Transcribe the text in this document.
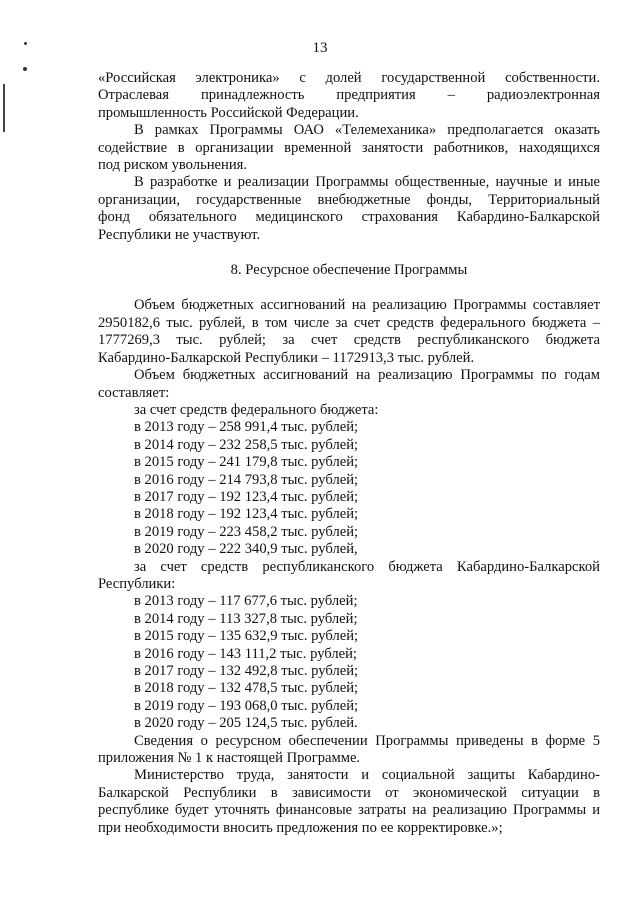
13

«Российская электроника» с долей государственной собственности.

Отраслевая принадлежность предприятия – радиоэлектронная

промышленность Российской Федерации.

В рамках Программы ОАО «Телемеханика» предполагается оказать

содействие в организации временной занятости работников, находящихся

под риском увольнения.

В разработке и реализации Программы общественные, научные и иные

организации, государственные внебюджетные фонды, Территориальный

фонд обязательного медицинского страхования Кабардино-Балкарской

Республики не участвуют.

8. Ресурсное обеспечение Программы

Объем бюджетных ассигнований на реализацию Программы составляет

2950182,6 тыс. рублей, в том числе за счет средств федерального бюджета –

1777269,3 тыс. рублей; за счет средств республиканского бюджета

Кабардино-Балкарской Республики – 1172913,3 тыс. рублей.

Объем бюджетных ассигнований на реализацию Программы по годам

составляет:

за счет средств федерального бюджета:

в 2013 году – 258 991,4 тыс. рублей;

в 2014 году – 232 258,5 тыс. рублей;

в 2015 году – 241 179,8 тыс. рублей;

в 2016 году – 214 793,8 тыс. рублей;

в 2017 году – 192 123,4 тыс. рублей;

в 2018 году – 192 123,4 тыс. рублей;

в 2019 году – 223 458,2 тыс. рублей;

в 2020 году – 222 340,9 тыс. рублей,

за счет средств республиканского бюджета Кабардино-Балкарской

Республики:

в 2013 году – 117 677,6 тыс. рублей;

в 2014 году – 113 327,8 тыс. рублей;

в 2015 году – 135 632,9 тыс. рублей;

в 2016 году – 143 111,2 тыс. рублей;

в 2017 году – 132 492,8 тыс. рублей;

в 2018 году – 132 478,5 тыс. рублей;

в 2019 году – 193 068,0 тыс. рублей;

в 2020 году – 205 124,5 тыс. рублей.

Сведения о ресурсном обеспечении Программы приведены в форме 5

приложения № 1 к настоящей Программе.

Министерство труда, занятости и социальной защиты Кабардино-

Балкарской Республики в зависимости от экономической ситуации в

республике будет уточнять финансовые затраты на реализацию Программы и

при необходимости вносить предложения по ее корректировке.»;
